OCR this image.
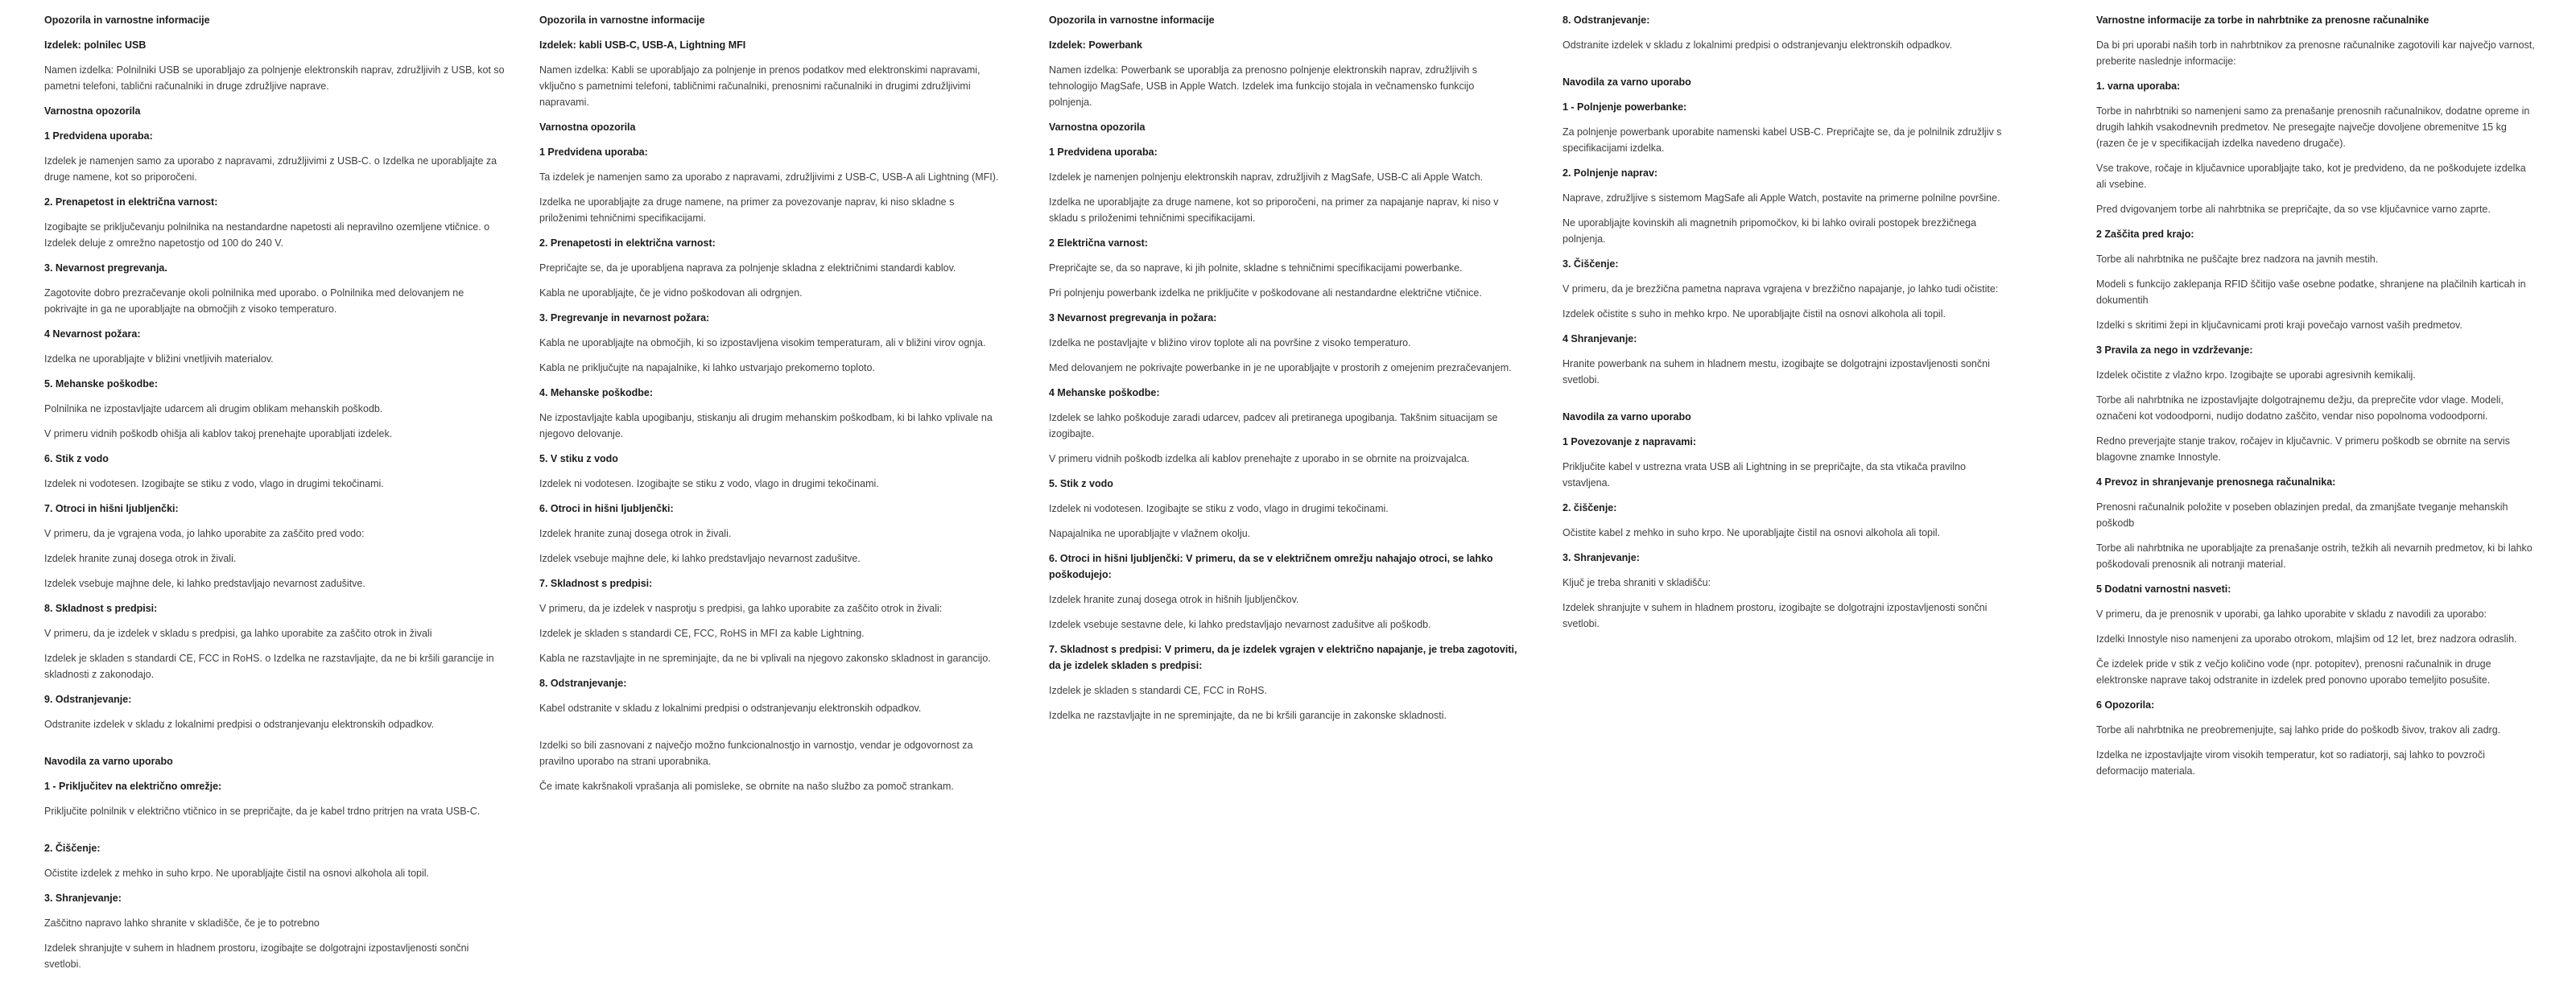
Opozorila in varnostne informacije
Izdelek: polnilec USB

Namen izdelka: Polnilniki USB se uporabljajo za polnjenje elektronskih naprav, združljivih z USB, kot so pametni telefoni, tablični računalniki in druge združljive naprave.

Varnostna opozorila
1 Predvidena uporaba:

Izdelek je namenjen samo za uporabo z napravami, združljivimi z USB-C. o Izdelka ne uporabljajte za druge namene, kot so priporočeni.

2. Prenapetost in električna varnost:

Izogibajte se priključevanju polnilnika na nestandardne napetosti ali nepravilno ozemljene vtičnice. o Izdelek deluje z omrežno napetostjo od 100 do 240 V.

3. Nevarnost pregrevanja.

Zagotovite dobro prezračevanje okoli polnilnika med uporabo. o Polnilnika med delovanjem ne pokrivajte in ga ne uporabljajte na območjih z visoko temperaturo.

4 Nevarnost požara:

Izdelka ne uporabljajte v bližini vnetljivih materialov.

5. Mehanske poškodbe:

Polnilnika ne izpostavljajte udarcem ali drugim oblikam mehanskih poškodb.

V primeru vidnih poškodb ohišja ali kablov takoj prenehajte uporabljati izdelek.

6. Stik z vodo

Izdelek ni vodotesen. Izogibajte se stiku z vodo, vlago in drugimi tekočinami.

7. Otroci in hišni ljubljenčki:

V primeru, da je vgrajena voda, jo lahko uporabite za zaščito pred vodo:

Izdelek hranite zunaj dosega otrok in živali.

Izdelek vsebuje majhne dele, ki lahko predstavljajo nevarnost zadušitve.

8. Skladnost s predpisi:

V primeru, da je izdelek v skladu s predpisi, ga lahko uporabite za zaščito otrok in živali

Izdelek je skladen s standardi CE, FCC in RoHS. o Izdelka ne razstavljajte, da ne bi kršili garancije in skladnosti z zakonodajo.

9. Odstranjevanje:

Odstranite izdelek v skladu z lokalnimi predpisi o odstranjevanju elektronskih odpadkov.

Navodila za varno uporabo
1 - Priključitev na električno omrežje:

Priključite polnilnik v električno vtičnico in se prepričajte, da je kabel trdno pritrjen na vrata USB-C.

2. Čiščenje:

Očistite izdelek z mehko in suho krpo. Ne uporabljajte čistil na osnovi alkohola ali topil.

3. Shranjevanje:

Zaščitno napravo lahko shranite v skladišče, če je to potrebno

Izdelek shranjujte v suhem in hladnem prostoru, izogibajte se dolgotrajni izpostavljenosti sončni svetlobi.

Opozorila in varnostne informacije
Izdelek: kabli USB-C, USB-A, Lightning MFI

Namen izdelka: Kabli se uporabljajo za polnjenje in prenos podatkov med elektronskimi napravami, vključno s pametnimi telefoni, tabličnimi računalniki, prenosnimi računalniki in drugimi združljivimi napravami.

Varnostna opozorila
1 Predvidena uporaba:

Ta izdelek je namenjen samo za uporabo z napravami, združljivimi z USB-C, USB-A ali Lightning (MFI).

Izdelka ne uporabljajte za druge namene, na primer za povezovanje naprav, ki niso skladne s priloženimi tehničnimi specifikacijami.

2. Prenapetosti in električna varnost:

Prepričajte se, da je uporabljena naprava za polnjenje skladna z električnimi standardi kablov.

Kabla ne uporabljajte, če je vidno poškodovan ali odrgnjen.

3. Pregrevanje in nevarnost požara:

Kabla ne uporabljajte na območjih, ki so izpostavljena visokim temperaturam, ali v bližini virov ognja.

Kabla ne priključujte na napajalnike, ki lahko ustvarjajo prekomerno toploto.

4. Mehanske poškodbe:

Ne izpostavljajte kabla upogibanju, stiskanju ali drugim mehanskim poškodbam, ki bi lahko vplivale na njegovo delovanje.

5. V stiku z vodo

Izdelek ni vodotesen. Izogibajte se stiku z vodo, vlago in drugimi tekočinami.

6. Otroci in hišni ljubljenčki:

Izdelek hranite zunaj dosega otrok in živali.

Izdelek vsebuje majhne dele, ki lahko predstavljajo nevarnost zadušitve.

7. Skladnost s predpisi:

V primeru, da je izdelek v nasprotju s predpisi, ga lahko uporabite za zaščito otrok in živali:

Izdelek je skladen s standardi CE, FCC, RoHS in MFI za kable Lightning.

Kabla ne razstavljajte in ne spreminjajte, da ne bi vplivali na njegovo zakonsko skladnost in garancijo.

8. Odstranjevanje:

Kabel odstranite v skladu z lokalnimi predpisi o odstranjevanju elektronskih odpadkov.

Izdelki so bili zasnovani z največjo možno funkcionalnostjo in varnostjo, vendar je odgovornost za pravilno uporabo na strani uporabnika.

Če imate kakršnakoli vprašanja ali pomisleke, se obrnite na našo službo za pomoč strankam.

Opozorila in varnostne informacije
Izdelek: Powerbank

Namen izdelka: Powerbank se uporablja za prenosno polnjenje elektronskih naprav, združljivih s tehnologijo MagSafe, USB in Apple Watch. Izdelek ima funkcijo stojala in večnamensko funkcijo polnjenja.

Varnostna opozorila
1 Predvidena uporaba:

Izdelek je namenjen polnjenju elektronskih naprav, združljivih z MagSafe, USB-C ali Apple Watch.

Izdelka ne uporabljajte za druge namene, kot so priporočeni, na primer za napajanje naprav, ki niso v skladu s priloženimi tehničnimi specifikacijami.

2 Električna varnost:

Prepričajte se, da so naprave, ki jih polnite, skladne s tehničnimi specifikacijami powerbanke.

Pri polnjenju powerbank izdelka ne priključite v poškodovane ali nestandardne električne vtičnice.

3 Nevarnost pregrevanja in požara:

Izdelka ne postavljajte v bližino virov toplote ali na površine z visoko temperaturo.

Med delovanjem ne pokrivajte powerbanke in je ne uporabljajte v prostorih z omejenim prezračevanjem.

4 Mehanske poškodbe:

Izdelek se lahko poškoduje zaradi udarcev, padcev ali pretiranega upogibanja. Takšnim situacijam se izogibajte.

V primeru vidnih poškodb izdelka ali kablov prenehajte z uporabo in se obrnite na proizvajalca.

5. Stik z vodo

Izdelek ni vodotesen. Izogibajte se stiku z vodo, vlago in drugimi tekočinami.

Napajalnika ne uporabljajte v vlažnem okolju.

6. Otroci in hišni ljubljenčki: V primeru, da se v električnem omrežju nahajajo otroci, se lahko poškodujejo:

Izdelek hranite zunaj dosega otrok in hišnih ljubljenčkov.

Izdelek vsebuje sestavne dele, ki lahko predstavljajo nevarnost zadušitve ali poškodb.

7. Skladnost s predpisi: V primeru, da je izdelek vgrajen v električno napajanje, je treba zagotoviti, da je izdelek skladen s predpisi:

Izdelek je skladen s standardi CE, FCC in RoHS.

Izdelka ne razstavljajte in ne spreminjajte, da ne bi kršili garancije in zakonske skladnosti.

8. Odstranjevanje:

Odstranite izdelek v skladu z lokalnimi predpisi o odstranjevanju elektronskih odpadkov.

Navodila za varno uporabo
1 - Polnjenje powerbanke:

Za polnjenje powerbank uporabite namenski kabel USB-C. Prepričajte se, da je polnilnik združljiv s specifikacijami izdelka.

2. Polnjenje naprav:

Naprave, združljive s sistemom MagSafe ali Apple Watch, postavite na primerne polnilne površine.

Ne uporabljajte kovinskih ali magnetnih pripomočkov, ki bi lahko ovirali postopek brezžičnega polnjenja.

3. Čiščenje:

V primeru, da je brezžična pametna naprava vgrajena v brezžično napajanje, jo lahko tudi očistite:

Izdelek očistite s suho in mehko krpo. Ne uporabljajte čistil na osnovi alkohola ali topil.

4 Shranjevanje:

Hranite powerbank na suhem in hladnem mestu, izogibajte se dolgotrajni izpostavljenosti sončni svetlobi.

Navodila za varno uporabo
1 Povezovanje z napravami:

Priključite kabel v ustrezna vrata USB ali Lightning in se prepričajte, da sta vtikača pravilno vstavljena.

2. čiščenje:

Očistite kabel z mehko in suho krpo. Ne uporabljajte čistil na osnovi alkohola ali topil.

3. Shranjevanje:

Ključ je treba shraniti v skladišču:

Izdelek shranjujte v suhem in hladnem prostoru, izogibajte se dolgotrajni izpostavljenosti sončni svetlobi.

Varnostne informacije za torbe in nahrbtnike za prenosne računalnike

Da bi pri uporabi naših torb in nahrbtnikov za prenosne računalnike zagotovili kar največjo varnost, preberite naslednje informacije:

1. varna uporaba:

Torbe in nahrbtniki so namenjeni samo za prenašanje prenosnih računalnikov, dodatne opreme in drugih lahkih vsakodnevnih predmetov. Ne presegajte največje dovoljene obremenitve 15 kg (razen če je v specifikacijah izdelka navedeno drugače).

Vse trakove, ročaje in ključavnice uporabljajte tako, kot je predvideno, da ne poškodujete izdelka ali vsebine.

Pred dvigovanjem torbe ali nahrbtnika se prepričajte, da so vse ključavnice varno zaprte.

2 Zaščita pred krajo:

Torbe ali nahrbtnika ne puščajte brez nadzora na javnih mestih.

Modeli s funkcijo zaklepanja RFID ščitijo vaše osebne podatke, shranjene na plačilnih karticah in dokumentih

Izdelki s skritimi žepi in ključavnicami proti kraji povečajo varnost vaših predmetov.

3 Pravila za nego in vzdrževanje:

Izdelek očistite z vlažno krpo. Izogibajte se uporabi agresivnih kemikalij.

Torbe ali nahrbtnika ne izpostavljajte dolgotrajnemu dežju, da preprečite vdor vlage. Modeli, označeni kot vodoodporni, nudijo dodatno zaščito, vendar niso popolnoma vodoodporni.

Redno preverjajte stanje trakov, ročajev in ključavnic. V primeru poškodb se obrnite na servis blagovne znamke Innostyle.

4 Prevoz in shranjevanje prenosnega računalnika:

Prenosni računalnik položite v poseben oblazinjen predal, da zmanjšate tveganje mehanskih poškodb

Torbe ali nahrbtnika ne uporabljajte za prenašanje ostrih, težkih ali nevarnih predmetov, ki bi lahko poškodovali prenosnik ali notranji material.

5 Dodatni varnostni nasveti:

V primeru, da je prenosnik v uporabi, ga lahko uporabite v skladu z navodili za uporabo:

Izdelki Innostyle niso namenjeni za uporabo otrokom, mlajšim od 12 let, brez nadzora odraslih.

Če izdelek pride v stik z večjo količino vode (npr. potopitev), prenosni računalnik in druge elektronske naprave takoj odstranite in izdelek pred ponovno uporabo temeljito posušite.

6 Opozorila:

Torbe ali nahrbtnika ne preobremenjujte, saj lahko pride do poškodb šivov, trakov ali zadrg.

Izdelka ne izpostavljajte virom visokih temperatur, kot so radiatorji, saj lahko to povzroči deformacijo materiala.
